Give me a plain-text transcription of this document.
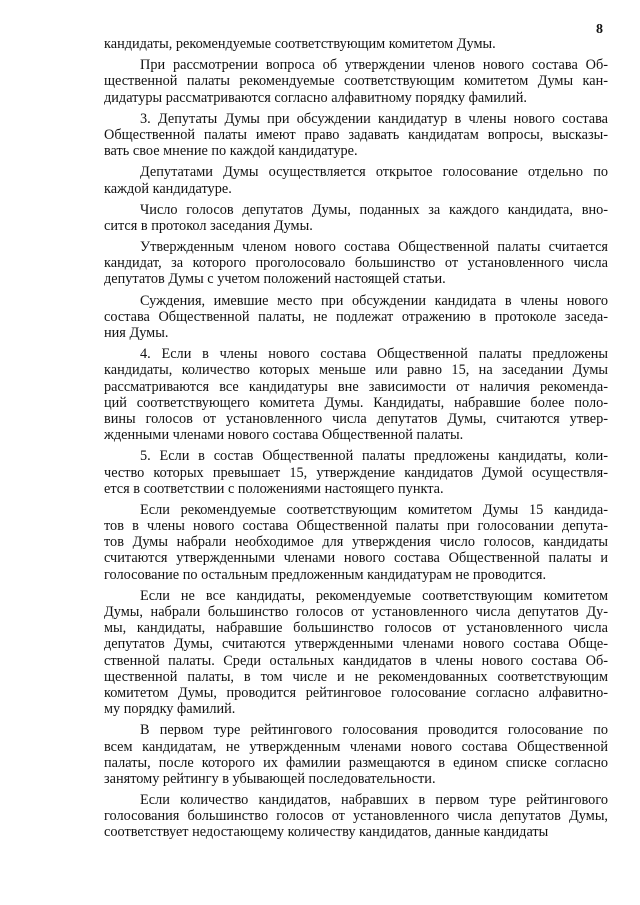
8
кандидаты, рекомендуемые соответствующим комитетом Думы.
При рассмотрении вопроса об утверждении членов нового состава Об-
щественной палаты рекомендуемые соответствующим комитетом Думы кан-
дидатуры рассматриваются согласно алфавитному порядку фамилий.
3. Депутаты Думы при обсуждении кандидатур в члены нового состава
Общественной палаты имеют право задавать кандидатам вопросы, высказы-
вать свое мнение по каждой кандидатуре.
Депутатами Думы осуществляется открытое голосование отдельно по
каждой кандидатуре.
Число голосов депутатов Думы, поданных за каждого кандидата, вно-
сится в протокол заседания Думы.
Утвержденным членом нового состава Общественной палаты считается
кандидат, за которого проголосовало большинство от установленного числа
депутатов Думы с учетом положений настоящей статьи.
Суждения, имевшие место при обсуждении кандидата в члены нового
состава Общественной палаты, не подлежат отражению в протоколе заседа-
ния Думы.
4. Если в члены нового состава Общественной палаты предложены
кандидаты, количество которых меньше или равно 15, на заседании Думы
рассматриваются все кандидатуры вне зависимости от наличия рекоменда-
ций соответствующего комитета Думы. Кандидаты, набравшие более поло-
вины голосов от установленного числа депутатов Думы, считаются утвер-
жденными членами нового состава Общественной палаты.
5. Если в состав Общественной палаты предложены кандидаты, коли-
чество которых превышает 15, утверждение кандидатов Думой осуществля-
ется в соответствии с положениями настоящего пункта.
Если рекомендуемые соответствующим комитетом Думы 15 кандида-
тов в члены нового состава Общественной палаты при голосовании депута-
тов Думы набрали необходимое для утверждения число голосов, кандидаты
считаются утвержденными членами нового состава Общественной палаты и
голосование по остальным предложенным кандидатурам не проводится.
Если не все кандидаты, рекомендуемые соответствующим комитетом
Думы, набрали большинство голосов от установленного числа депутатов Ду-
мы, кандидаты, набравшие большинство голосов от установленного числа
депутатов Думы, считаются утвержденными членами нового состава Обще-
ственной палаты. Среди остальных кандидатов в члены нового состава Об-
щественной палаты, в том числе и не рекомендованных соответствующим
комитетом Думы, проводится рейтинговое голосование согласно алфавитно-
му порядку фамилий.
В первом туре рейтингового голосования проводится голосование по
всем кандидатам, не утвержденным членами нового состава Общественной
палаты, после которого их фамилии размещаются в едином списке согласно
занятому рейтингу в убывающей последовательности.
Если количество кандидатов, набравших в первом туре рейтингового
голосования большинство голосов от установленного числа депутатов Думы,
соответствует недостающему количеству кандидатов, данные кандидаты
